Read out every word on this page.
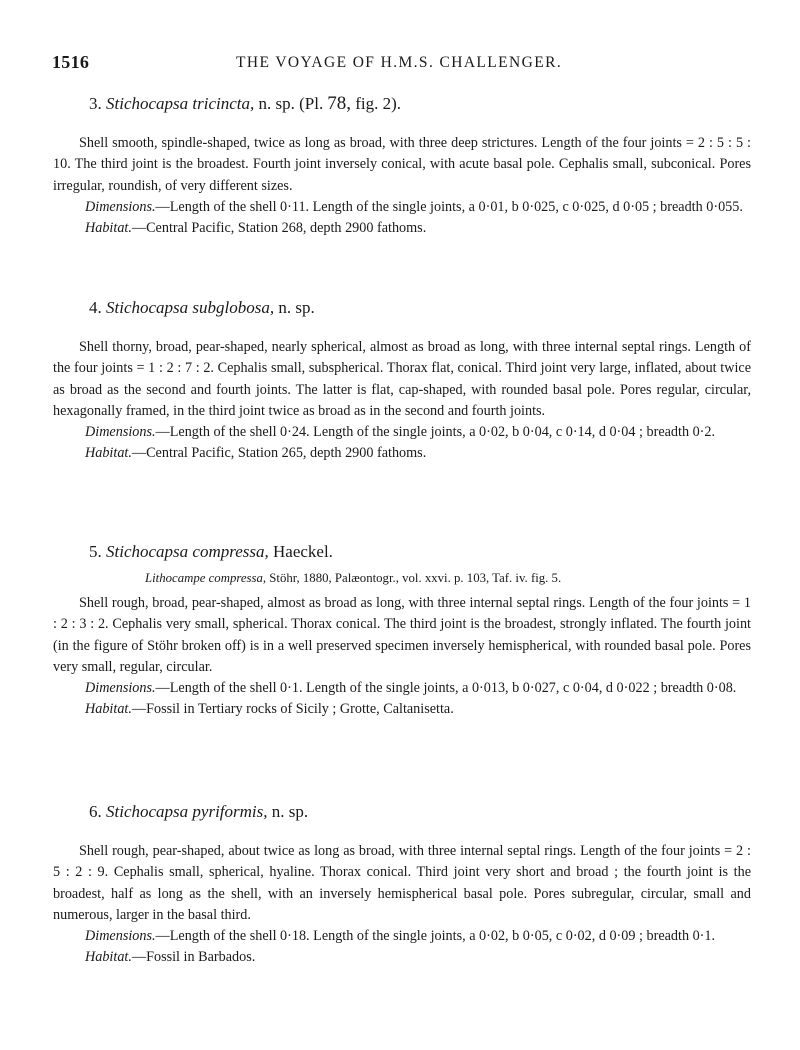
1516	THE VOYAGE OF H.M.S. CHALLENGER.

3. Stichocapsa tricincta, n. sp. (Pl. 78, fig. 2).

Shell smooth, spindle-shaped, twice as long as broad, with three deep strictures. Length of the four joints = 2 : 5 : 5 : 10. The third joint is the broadest. Fourth joint inversely conical, with acute basal pole. Cephalis small, subconical. Pores irregular, roundish, of very different sizes.

Dimensions.—Length of the shell 0·11. Length of the single joints, a 0·01, b 0·025, c 0·025, d 0·05 ; breadth 0·055.

Habitat.—Central Pacific, Station 268, depth 2900 fathoms.

4. Stichocapsa subglobosa, n. sp.

Shell thorny, broad, pear-shaped, nearly spherical, almost as broad as long, with three internal septal rings. Length of the four joints = 1 : 2 : 7 : 2. Cephalis small, subspherical. Thorax flat, conical. Third joint very large, inflated, about twice as broad as the second and fourth joints. The latter is flat, cap-shaped, with rounded basal pole. Pores regular, circular, hexagonally framed, in the third joint twice as broad as in the second and fourth joints.

Dimensions.—Length of the shell 0·24. Length of the single joints, a 0·02, b 0·04, c 0·14, d 0·04 ; breadth 0·2.

Habitat.—Central Pacific, Station 265, depth 2900 fathoms.

5. Stichocapsa compressa, Haeckel.

Lithocampe compressa, Stöhr, 1880, Palæontogr., vol. xxvi. p. 103, Taf. iv. fig. 5.

Shell rough, broad, pear-shaped, almost as broad as long, with three internal septal rings. Length of the four joints = 1 : 2 : 3 : 2. Cephalis very small, spherical. Thorax conical. The third joint is the broadest, strongly inflated. The fourth joint (in the figure of Stöhr broken off) is in a well preserved specimen inversely hemispherical, with rounded basal pole. Pores very small, regular, circular.

Dimensions.—Length of the shell 0·1. Length of the single joints, a 0·013, b 0·027, c 0·04, d 0·022 ; breadth 0·08.

Habitat.—Fossil in Tertiary rocks of Sicily ; Grotte, Caltanisetta.

6. Stichocapsa pyriformis, n. sp.

Shell rough, pear-shaped, about twice as long as broad, with three internal septal rings. Length of the four joints = 2 : 5 : 2 : 9. Cephalis small, spherical, hyaline. Thorax conical. Third joint very short and broad ; the fourth joint is the broadest, half as long as the shell, with an inversely hemispherical basal pole. Pores subregular, circular, small and numerous, larger in the basal third.

Dimensions.—Length of the shell 0·18. Length of the single joints, a 0·02, b 0·05, c 0·02, d 0·09 ; breadth 0·1.

Habitat.—Fossil in Barbados.
